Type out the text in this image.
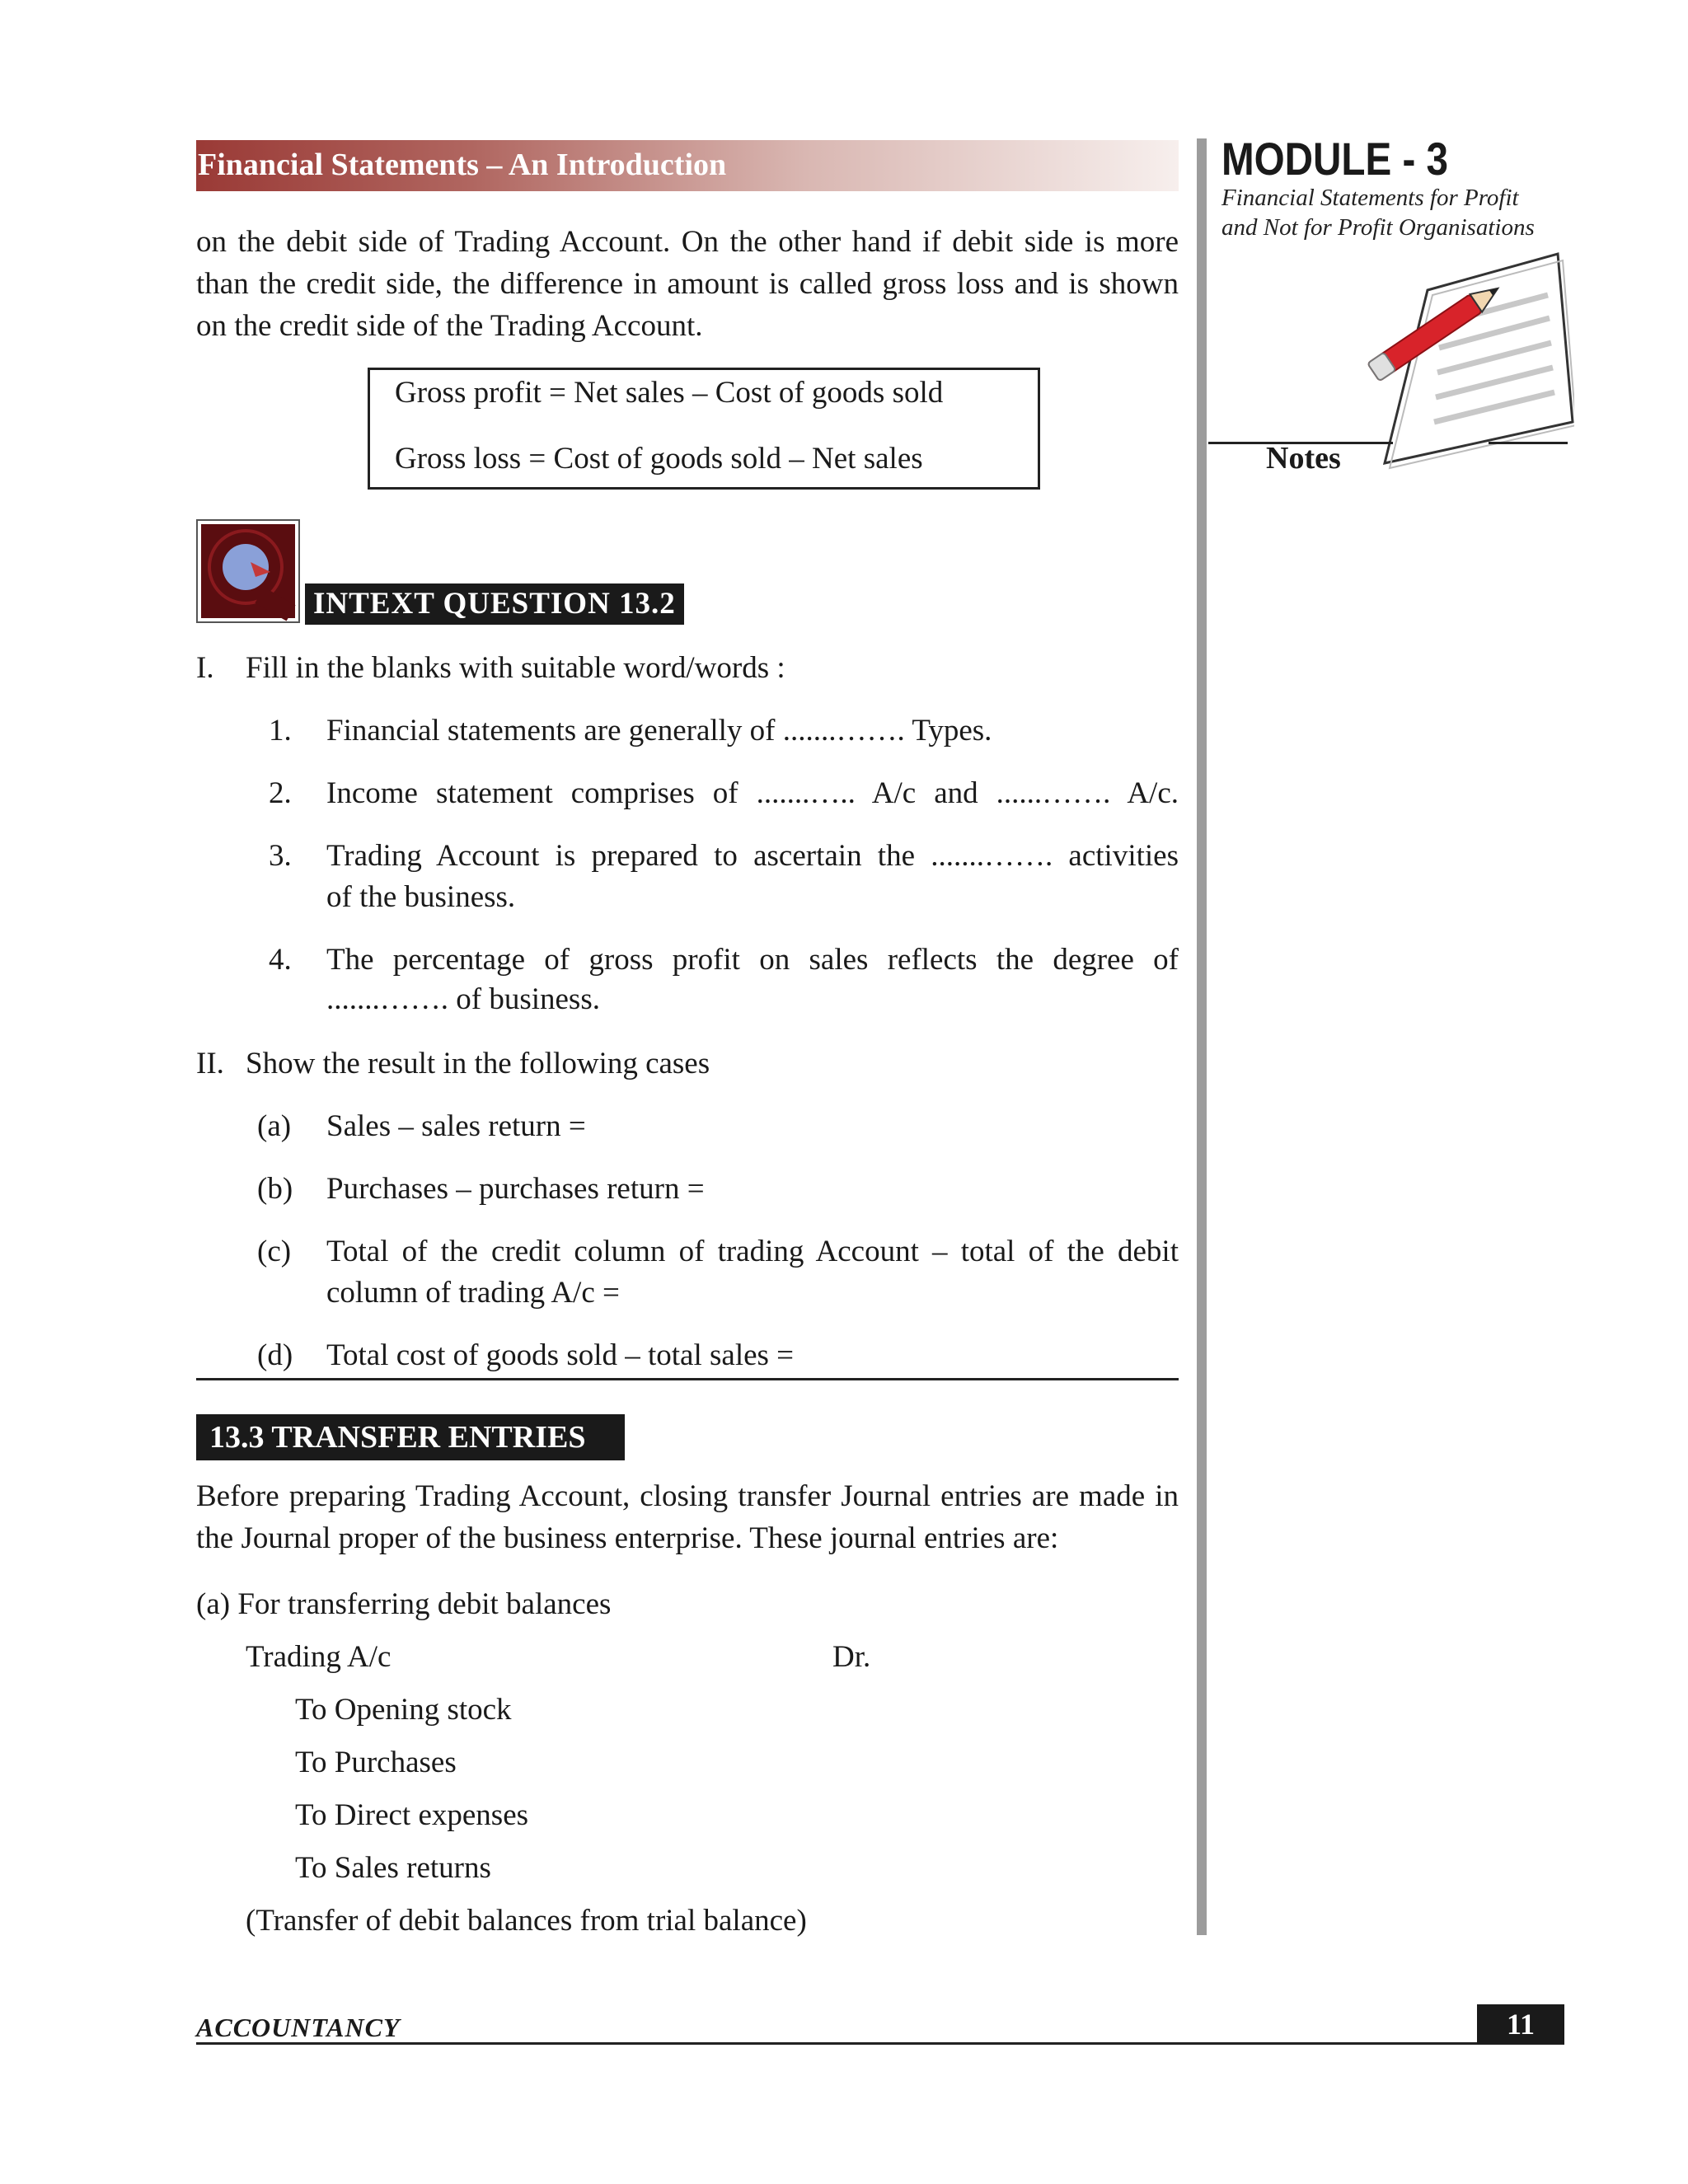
Financial Statements – An Introduction	MODULE - 3
Financial Statements for Profit
and Not for Profit Organisations
Notes
on the debit side of Trading Account. On the other hand if debit side is more than the credit side, the difference in amount is called gross loss and is shown on the credit side of the Trading Account.
Gross profit = Net sales – Cost of goods sold
Gross loss = Cost of goods sold – Net sales
INTEXT QUESTION 13.2
I. Fill in the blanks with suitable word/words :
1. Financial statements are generally of .......……. Types.
2. Income statement comprises of .......….. A/c and ......……. A/c.
3. Trading Account is prepared to ascertain the .......……. activities
of the business.
4. The percentage of gross profit on sales reflects the degree of
.......……. of business.
II. Show the result in the following cases
(a) Sales – sales return =
(b) Purchases – purchases return =
(c) Total of the credit column of trading Account – total of the debit
column of trading A/c =
(d) Total cost of goods sold – total sales =
13.3 TRANSFER ENTRIES
Before preparing Trading Account, closing transfer Journal entries are made in the Journal proper of the business enterprise. These journal entries are:
(a) For transferring debit balances
Trading A/c	Dr.
To Opening stock
To Purchases
To Direct expenses
To Sales returns
(Transfer of debit balances from trial balance)
ACCOUNTANCY	11
